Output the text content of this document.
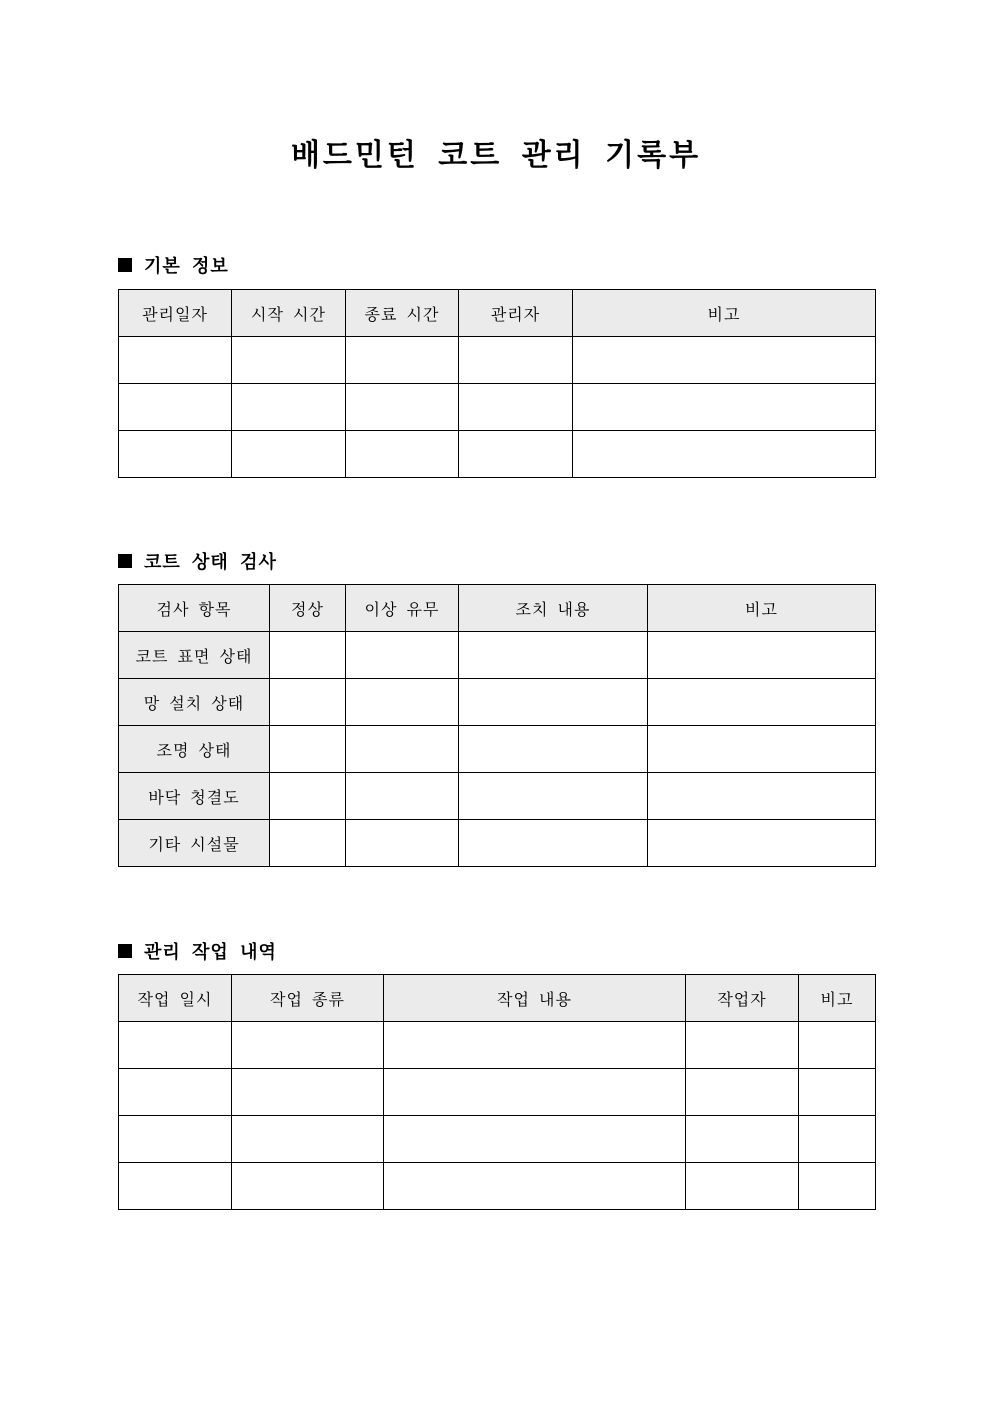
배드민턴 코트 관리 기록부
기본 정보
관리일자	시작 시간	종료 시간	관리자	비고

코트 상태 검사
검사 항목	정상	이상 유무	조치 내용	비고
코트 표면 상태				
망 설치 상태				
조명 상태				
바닥 청결도				
기타 시설물				
관리 작업 내역
작업 일시	작업 종류	작업 내용	작업자	비고
